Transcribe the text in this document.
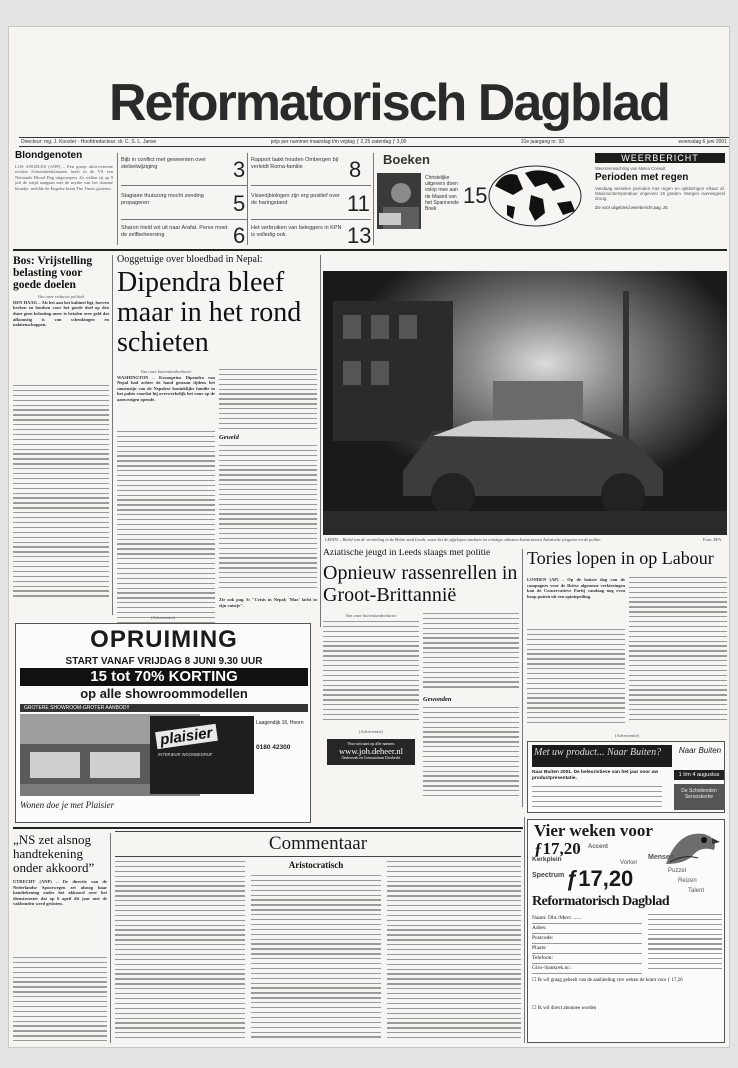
Reformatorisch Dagblad
Directeur: mg. J. Kooster · Hoofdredacteur: dr. C. S. L. Janse	prijs per nummer maandag t/m vrijdag ƒ 2,25 zaterdag ƒ 3,00	31e jaargang nr. 93	woensdag 6 juni 2001
Blondgenoten
LOS ANGELES (ANP) – Een groep ultra-extreme rechtse Schoonheidsfanaten heeft in de VS een Nationale Blond Dag uitgeroepen. Zo willen zij op 9 juli de strijd aangaan met de mythe van het domme blondje, meldde de Engelse krant The Times gisteren.
Bijb in conflict met geweenten over stelselwijziging	3
Stagiaire thuiszorg mocht zending propageren	5
Sharon hield vol uit naar Arafat. Peres moet de zelfbeheersing	6
Rapport laakt houden Ombergen bij verleidt Roma-familie	8
Visserijbiologen zijn erg positief over de haringstand	11
Het verbruiken van beleggers in KPN is volledig ook.	13
Boeken
Christelijke uitgevers doen volop mee aan de Maand van het Spannende Boek
15
WEERBERICHT
Weersverwachting van Meteo Consult
Perioden met regen
Vandaag wisselen perioden met regen en opklaringen elkaar af. Maximumtemperatuur ongeveer 16 graden. Morgen overwegend droog.
Zie voor uitgebreid weerbericht pag. 25
Bos: Vrijstelling belasting voor goede doelen
Van onze redactie politiek
DEN HAAG – Als het aan het kabinet ligt, hoeven kerken en fondsen voor het goede doel op den duur geen belasting meer te betalen over geld dat afkomstig is van schenkingen en nalatenschappen.
Ooggetuige over bloedbad in Nepal:
Dipendra bleef maar in het rond schieten
Van onze buitenlandredactie
WASHINGTON – Kroonprins Dipendra van Nepal had achter de hand gestaan tijdens het samenzijn van de Nepalese koninklijke familie in het paleis voordat hij overwerkelijk het vuur op de aanwezigen opende.
Geweld
Zie ook pag. 6: "Crisis in Nepal; 'Mao' lacht in zijn vuistje".
LEEDS – Beeld van de vernieling in de Britse stad Leeds, waar het de afgelopen nachten tot ernstige onlusten kwam tussen Aziatische jongeren en de politie.	Foto: EPA
Aziatische jeugd in Leeds slaags met politie
Opnieuw rassenrellen in Groot-Brittannië
Van onze buitenlandredactie
(Advertentie)
Voor uitvaart op alle namen:
www.joh.deheer.nl
Onderzoek en Crematorium Dordrecht
Gewonden
Tories lopen in op Labour
LONDEN (AP) – Op de laatste dag van de campagnes voor de Britse algemene verkiezingen kan de Conservatieve Partij vandaag nog even hoop putten uit een opiniepeiling.
(Advertentie)
Met uw product... Naar Buiten?
Naar Buiten 2001. De beleuristieve van het jaar voor uw productpresentatie.
Naar Buiten
1 t/m 4 augustus
De Schotlenden Serooskerke
(Advertentie)
OPRUIMING
START VANAF VRIJDAG 8 JUNI 9.30 UUR
15 tot 70% KORTING
op alle showroommodellen
GROTERE SHOWROOM-GROTER AANBOD!!
plaisier
INTERIEUR WOONBEDRIJF
Laagendijk 16, Hoorn
0180 42300
Wonen doe je met Plaisier
„NS zet alsnog handtekening onder akkoord”
UTRECHT (ANP) – De directie van de Nederlandse Spoorwegen zet alsnog haar handtekening onder het akkoord over het dienstrooster dat op 6 april dit jaar met de vakbonden werd gesloten.
Commentaar
Aristocratisch
Vier weken voor ƒ17,20
Kerkplein
Spectrum
Accent
Mensen
Vorker
Puzzel
Reizen
Talent
ƒ17,20
Reformatorisch Dagblad
Naam: Dhr./Mevr. ......
Adres:
Postcode:
Plaats:
Telefoon:
Giro-/bankrek.nr.:
☐ Ik wil graag geheelt van de aanbieding vier weken de krant voor ƒ 17,20
☐ Ik wil direct abonnee worden
